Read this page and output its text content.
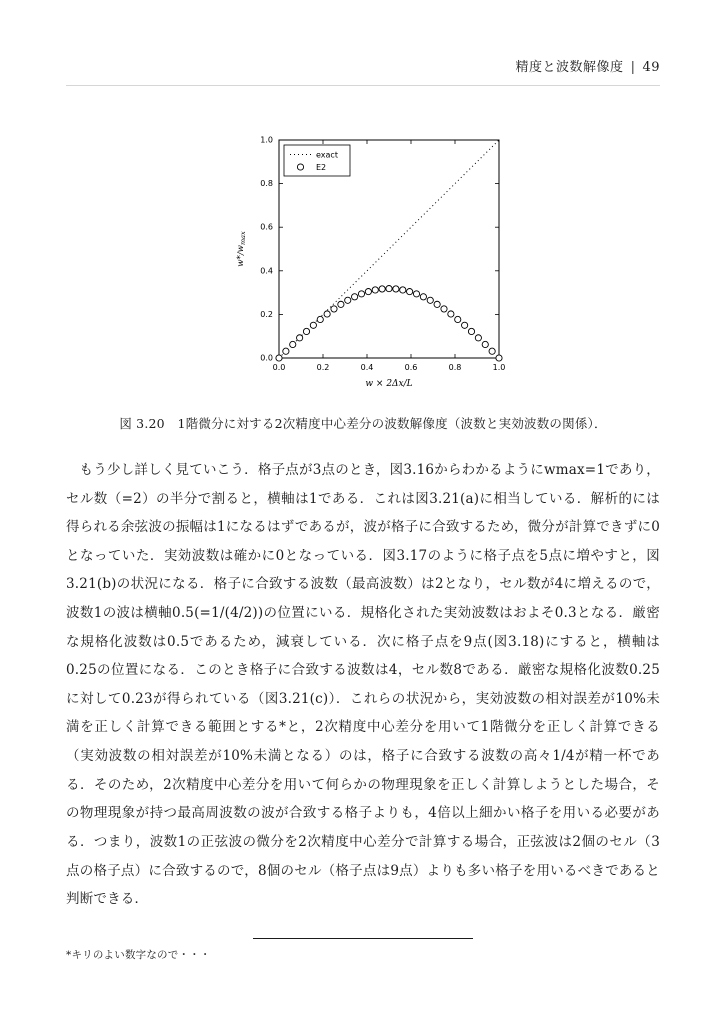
精度と波数解像度 | 49
0.0	0.2	0.4	0.6	0.8	1.0
0.0
0.2
0.4
0.6
0.8
1.0
exact
E2
w × 2Δx/L
$w*/w_{max}$
図 3.20　1階微分に対する2次精度中心差分の波数解像度（波数と実効波数の関係）．

もう少し詳しく見ていこう．格子点が3点のとき，図3.16からわかるようにwmax=1であり，セル数（=2）の半分で割ると，横軸は1である．これは図3.21(a)に相当している．解析的には得られる余弦波の振幅は1になるはずであるが，波が格子に合致するため，微分が計算できずに0となっていた．実効波数は確かに0となっている．図3.17のように格子点を5点に増やすと，図3.21(b)の状況になる．格子に合致する波数（最高波数）は2となり，セル数が4に増えるので，波数1の波は横軸0.5(=1/(4/2))の位置にいる．規格化された実効波数はおよそ0.3となる．厳密な規格化波数は0.5であるため，減衰している．次に格子点を9点(図3.18)にすると，横軸は0.25の位置になる．このとき格子に合致する波数は4，セル数8である．厳密な規格化波数0.25に対して0.23が得られている（図3.21(c)）．これらの状況から，実効波数の相対誤差が10%未満を正しく計算できる範囲とする*と，2次精度中心差分を用いて1階微分を正しく計算できる（実効波数の相対誤差が10%未満となる）のは，格子に合致する波数の高々1/4が精一杯である．そのため，2次精度中心差分を用いて何らかの物理現象を正しく計算しようとした場合，その物理現象が持つ最高周波数の波が合致する格子よりも，4倍以上細かい格子を用いる必要がある．つまり，波数1の正弦波の微分を2次精度中心差分で計算する場合，正弦波は2個のセル（3点の格子点）に合致するので，8個のセル（格子点は9点）よりも多い格子を用いるべきであると判断できる．

*キリのよい数字なので・・・
